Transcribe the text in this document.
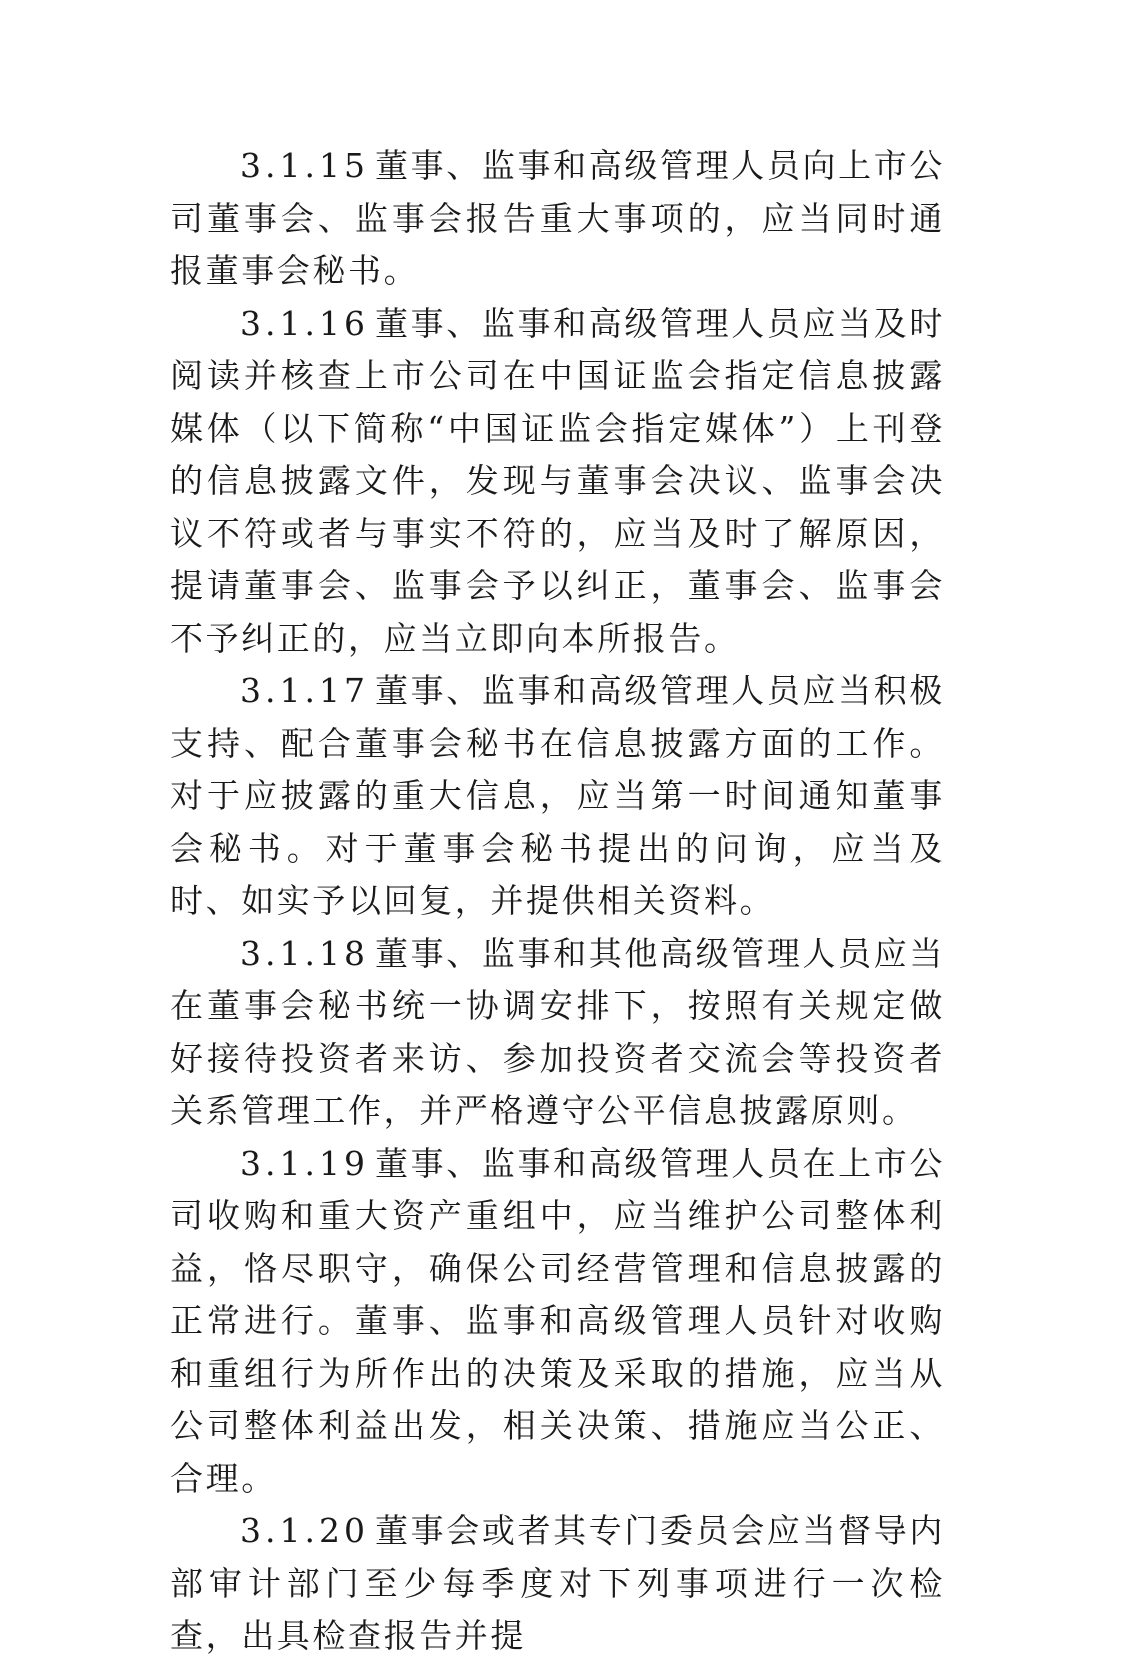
3.1.15 董事、监事和高级管理人员向上市公司董事会、监事会报告重大事项的，应当同时通报董事会秘书。

3.1.16 董事、监事和高级管理人员应当及时阅读并核查上市公司在中国证监会指定信息披露媒体（以下简称“中国证监会指定媒体”）上刊登的信息披露文件，发现与董事会决议、监事会决议不符或者与事实不符的，应当及时了解原因，提请董事会、监事会予以纠正，董事会、监事会不予纠正的，应当立即向本所报告。

3.1.17 董事、监事和高级管理人员应当积极支持、配合董事会秘书在信息披露方面的工作。对于应披露的重大信息，应当第一时间通知董事会秘书。对于董事会秘书提出的问询，应当及时、如实予以回复，并提供相关资料。

3.1.18 董事、监事和其他高级管理人员应当在董事会秘书统一协调安排下，按照有关规定做好接待投资者来访、参加投资者交流会等投资者关系管理工作，并严格遵守公平信息披露原则。

3.1.19 董事、监事和高级管理人员在上市公司收购和重大资产重组中，应当维护公司整体利益，恪尽职守，确保公司经营管理和信息披露的正常进行。董事、监事和高级管理人员针对收购和重组行为所作出的决策及采取的措施，应当从公司整体利益出发，相关决策、措施应当公正、合理。

3.1.20 董事会或者其专门委员会应当督导内部审计部门至少每季度对下列事项进行一次检查，出具检查报告并提
